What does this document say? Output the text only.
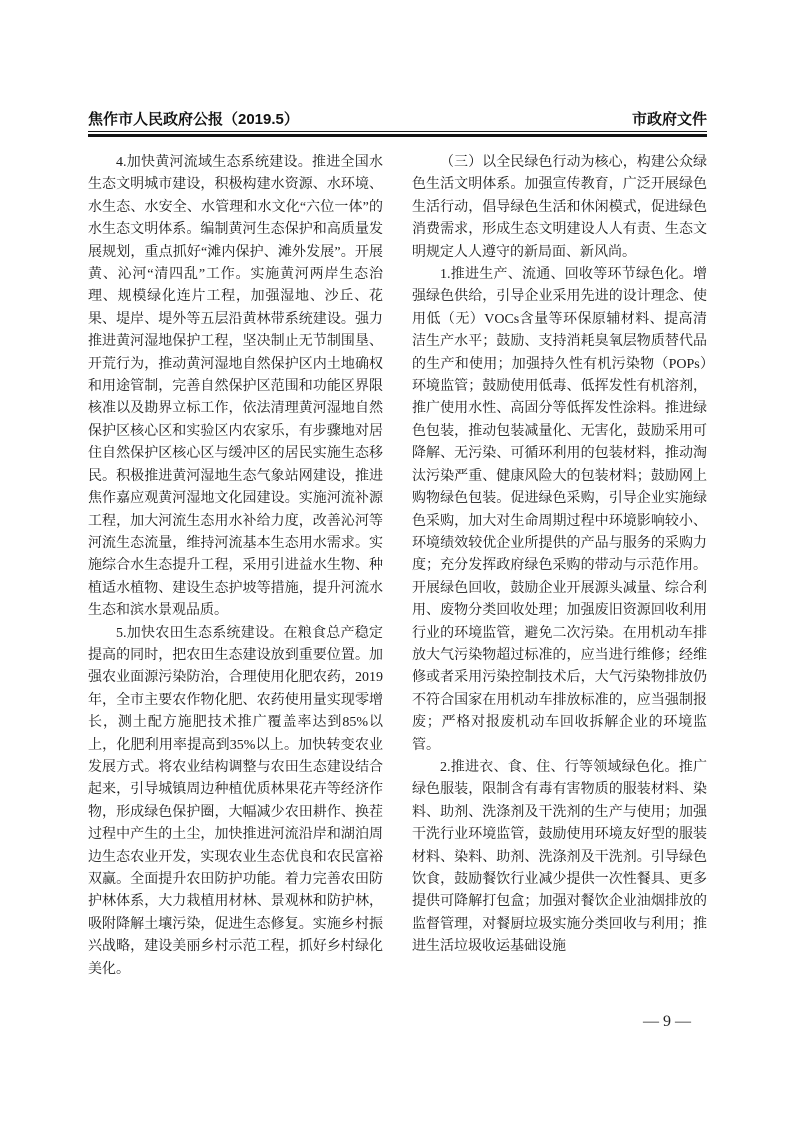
焦作市人民政府公报（2019.5）	市政府文件

4.加快黄河流域生态系统建设。推进全国水生态文明城市建设，积极构建水资源、水环境、水生态、水安全、水管理和水文化“六位一体”的水生态文明体系。编制黄河生态保护和高质量发展规划，重点抓好“滩内保护、滩外发展”。开展黄、沁河“清四乱”工作。实施黄河两岸生态治理、规模绿化连片工程，加强湿地、沙丘、花果、堤岸、堤外等五层沿黄林带系统建设。强力推进黄河湿地保护工程，坚决制止无节制围垦、开荒行为，推动黄河湿地自然保护区内土地确权和用途管制，完善自然保护区范围和功能区界限核准以及勘界立标工作，依法清理黄河湿地自然保护区核心区和实验区内农家乐，有步骤地对居住自然保护区核心区与缓冲区的居民实施生态移民。积极推进黄河湿地生态气象站网建设，推进焦作嘉应观黄河湿地文化园建设。实施河流补源工程，加大河流生态用水补给力度，改善沁河等河流生态流量，维持河流基本生态用水需求。实施综合水生态提升工程，采用引进益水生物、种植适水植物、建设生态护坡等措施，提升河流水生态和滨水景观品质。

5.加快农田生态系统建设。在粮食总产稳定提高的同时，把农田生态建设放到重要位置。加强农业面源污染防治，合理使用化肥农药，2019年，全市主要农作物化肥、农药使用量实现零增长，测土配方施肥技术推广覆盖率达到85%以上，化肥利用率提高到35%以上。加快转变农业发展方式。将农业结构调整与农田生态建设结合起来，引导城镇周边种植优质林果花卉等经济作物，形成绿色保护圈，大幅减少农田耕作、换茬过程中产生的土尘，加快推进河流沿岸和湖泊周边生态农业开发，实现农业生态优良和农民富裕双赢。全面提升农田防护功能。着力完善农田防护林体系，大力栽植用材林、景观林和防护林，吸附降解土壤污染，促进生态修复。实施乡村振兴战略，建设美丽乡村示范工程，抓好乡村绿化美化。

（三）以全民绿色行动为核心，构建公众绿色生活文明体系。加强宣传教育，广泛开展绿色生活行动，倡导绿色生活和休闲模式，促进绿色消费需求，形成生态文明建设人人有责、生态文明规定人人遵守的新局面、新风尚。

1.推进生产、流通、回收等环节绿色化。增强绿色供给，引导企业采用先进的设计理念、使用低（无）VOCs含量等环保原辅材料、提高清洁生产水平；鼓励、支持消耗臭氧层物质替代品的生产和使用；加强持久性有机污染物（POPs）环境监管；鼓励使用低毒、低挥发性有机溶剂，推广使用水性、高固分等低挥发性涂料。推进绿色包装，推动包装减量化、无害化，鼓励采用可降解、无污染、可循环利用的包装材料，推动淘汰污染严重、健康风险大的包装材料；鼓励网上购物绿色包装。促进绿色采购，引导企业实施绿色采购，加大对生命周期过程中环境影响较小、环境绩效较优企业所提供的产品与服务的采购力度；充分发挥政府绿色采购的带动与示范作用。开展绿色回收，鼓励企业开展源头减量、综合利用、废物分类回收处理；加强废旧资源回收利用行业的环境监管，避免二次污染。在用机动车排放大气污染物超过标准的，应当进行维修；经维修或者采用污染控制技术后，大气污染物排放仍不符合国家在用机动车排放标准的，应当强制报废；严格对报废机动车回收拆解企业的环境监管。

2.推进衣、食、住、行等领域绿色化。推广绿色服装，限制含有毒有害物质的服装材料、染料、助剂、洗涤剂及干洗剂的生产与使用；加强干洗行业环境监管，鼓励使用环境友好型的服装材料、染料、助剂、洗涤剂及干洗剂。引导绿色饮食，鼓励餐饮行业减少提供一次性餐具、更多提供可降解打包盒；加强对餐饮企业油烟排放的监督管理，对餐厨垃圾实施分类回收与利用；推进生活垃圾收运基础设施

— 9 —
